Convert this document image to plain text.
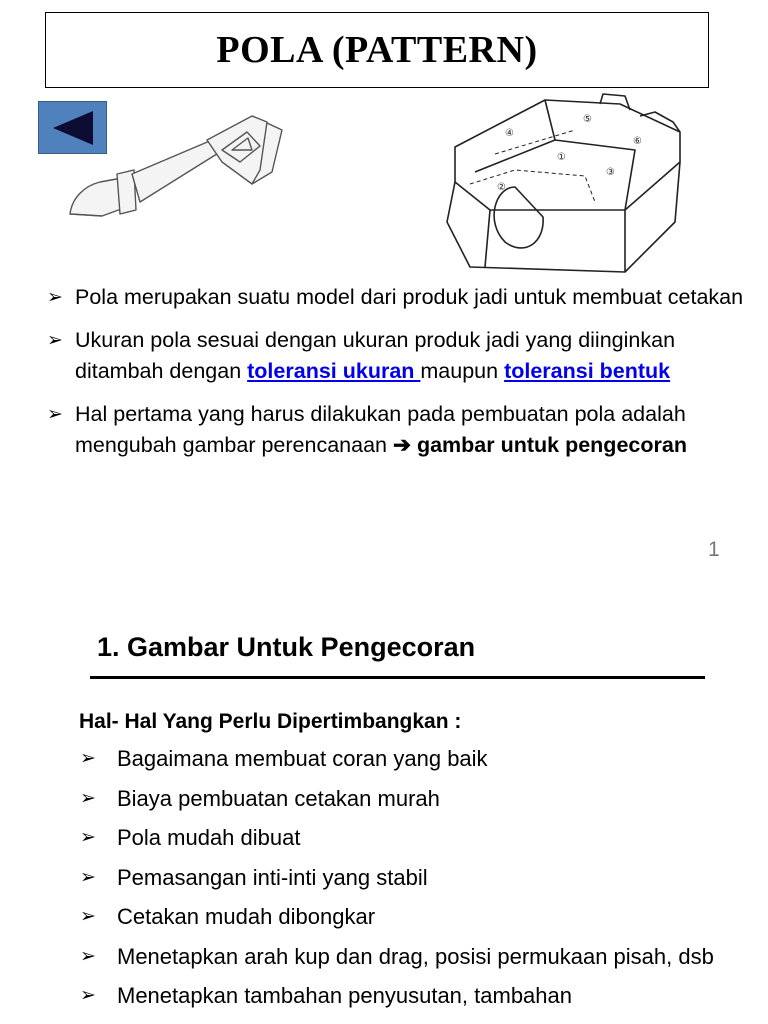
POLA (PATTERN)
①
②
③
④
⑤
⑥
➢ Pola merupakan suatu model dari produk jadi untuk membuat cetakan
➢ Ukuran pola sesuai dengan ukuran produk jadi yang diinginkan ditambah dengan toleransi ukuran maupun toleransi bentuk
➢ Hal pertama yang harus dilakukan pada pembuatan pola adalah mengubah gambar perencanaan ➔ gambar untuk pengecoran
1
1. Gambar Untuk Pengecoran
Hal- Hal Yang Perlu Dipertimbangkan :
➢ Bagaimana membuat coran yang baik
➢ Biaya pembuatan cetakan murah
➢ Pola mudah dibuat
➢ Pemasangan inti-inti yang stabil
➢ Cetakan mudah dibongkar
➢ Menetapkan arah kup dan drag, posisi permukaan pisah, dsb
➢ Menetapkan tambahan penyusutan, tambahan
